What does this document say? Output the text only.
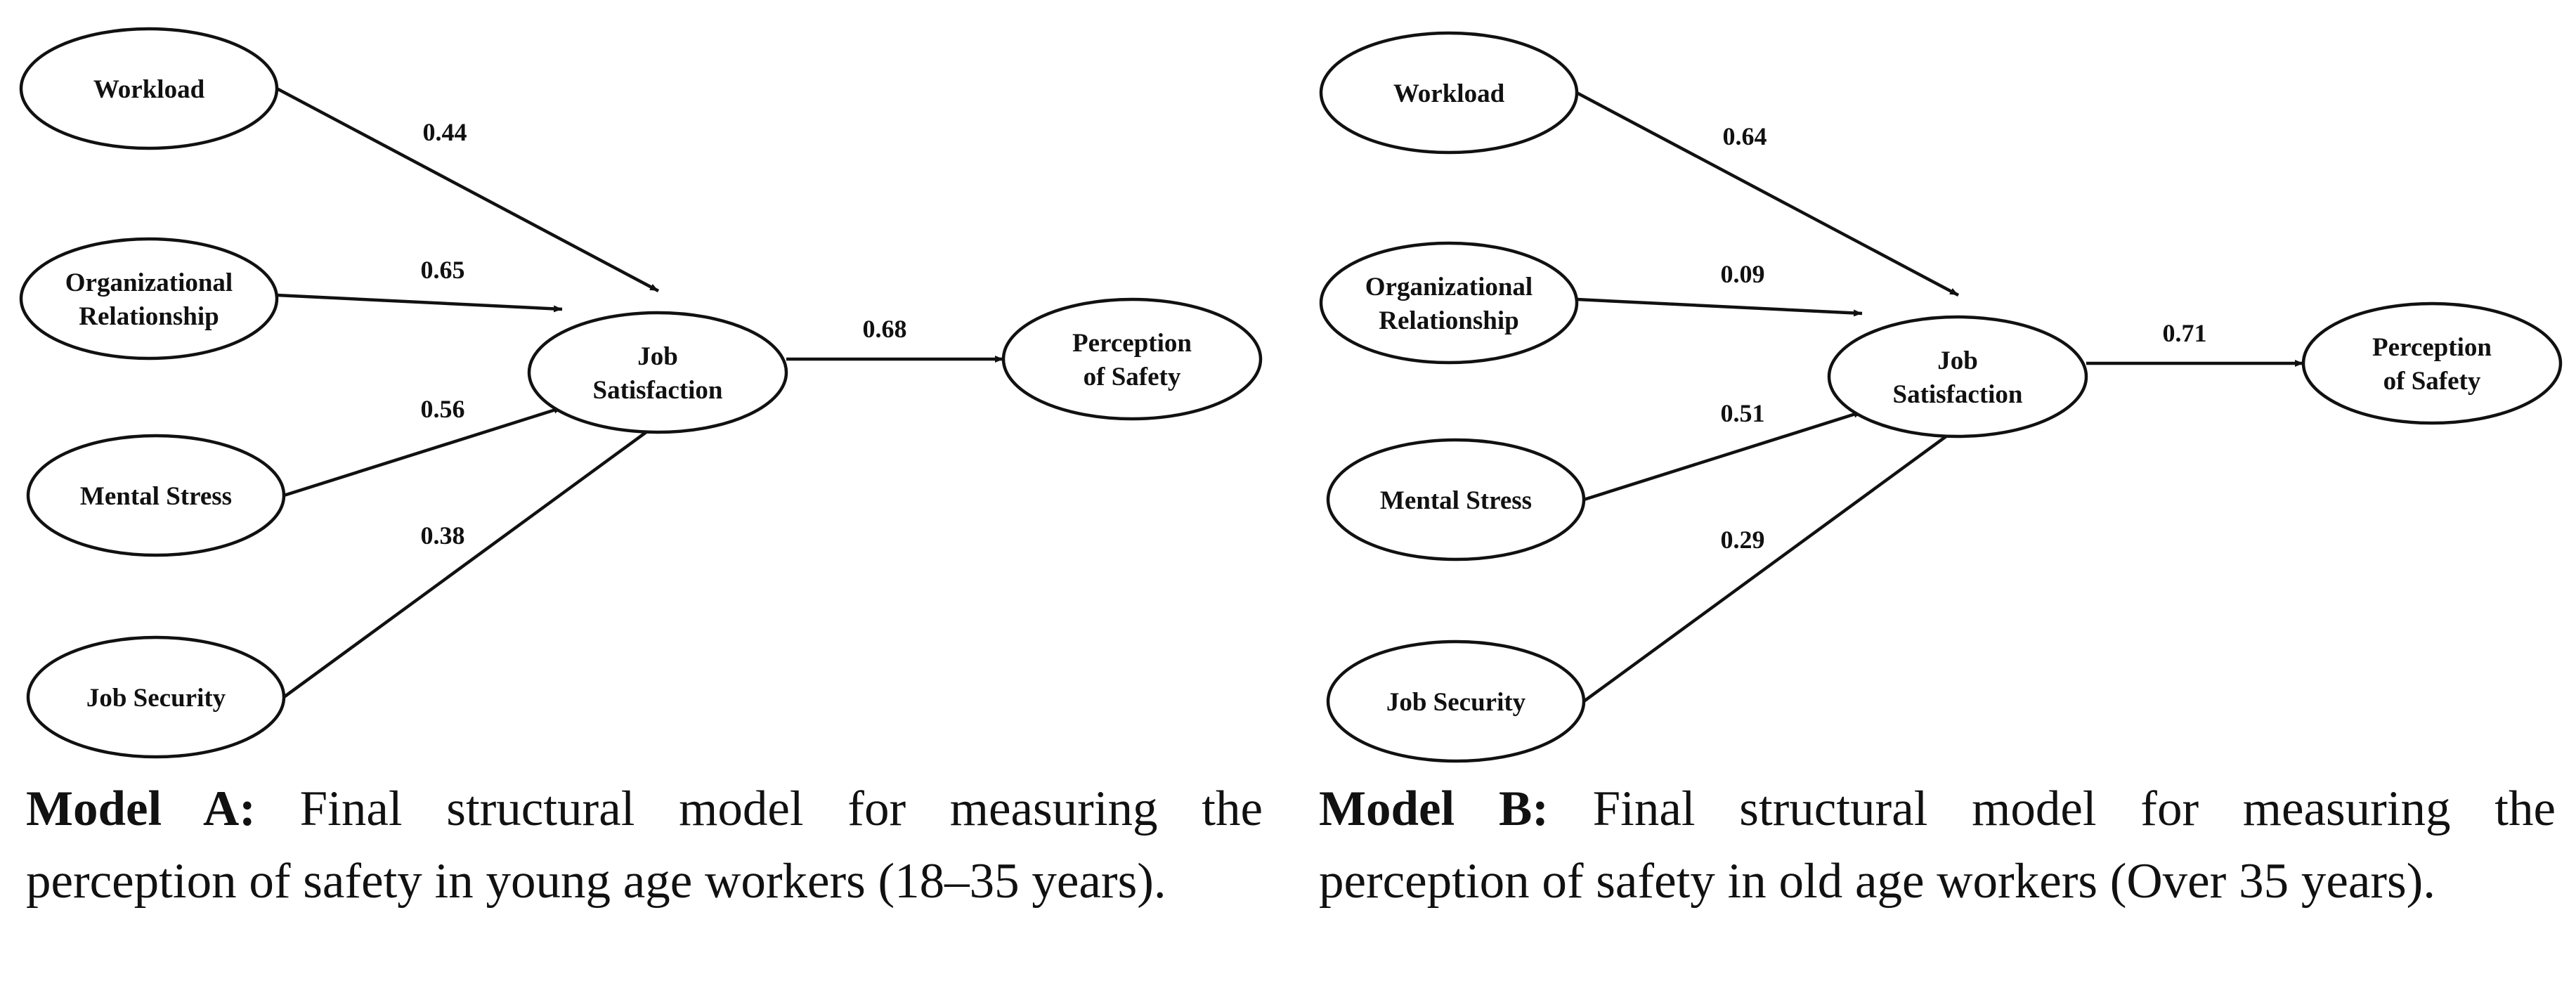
0.44
0.65
0.56
0.38
0.68
Workload
Organizational
Relationship
Mental Stress
Job Security
Job
Satisfaction
Perception
of Safety
0.64
0.09
0.51
0.29
0.71
Workload
Organizational
Relationship
Mental Stress
Job Security
Job
Satisfaction
Perception
of Safety
Model A: Final structural model for measuring the perception of safety in young age workers (18–35 years).
Model B: Final structural model for measuring the perception of safety in old age workers (Over 35 years).
